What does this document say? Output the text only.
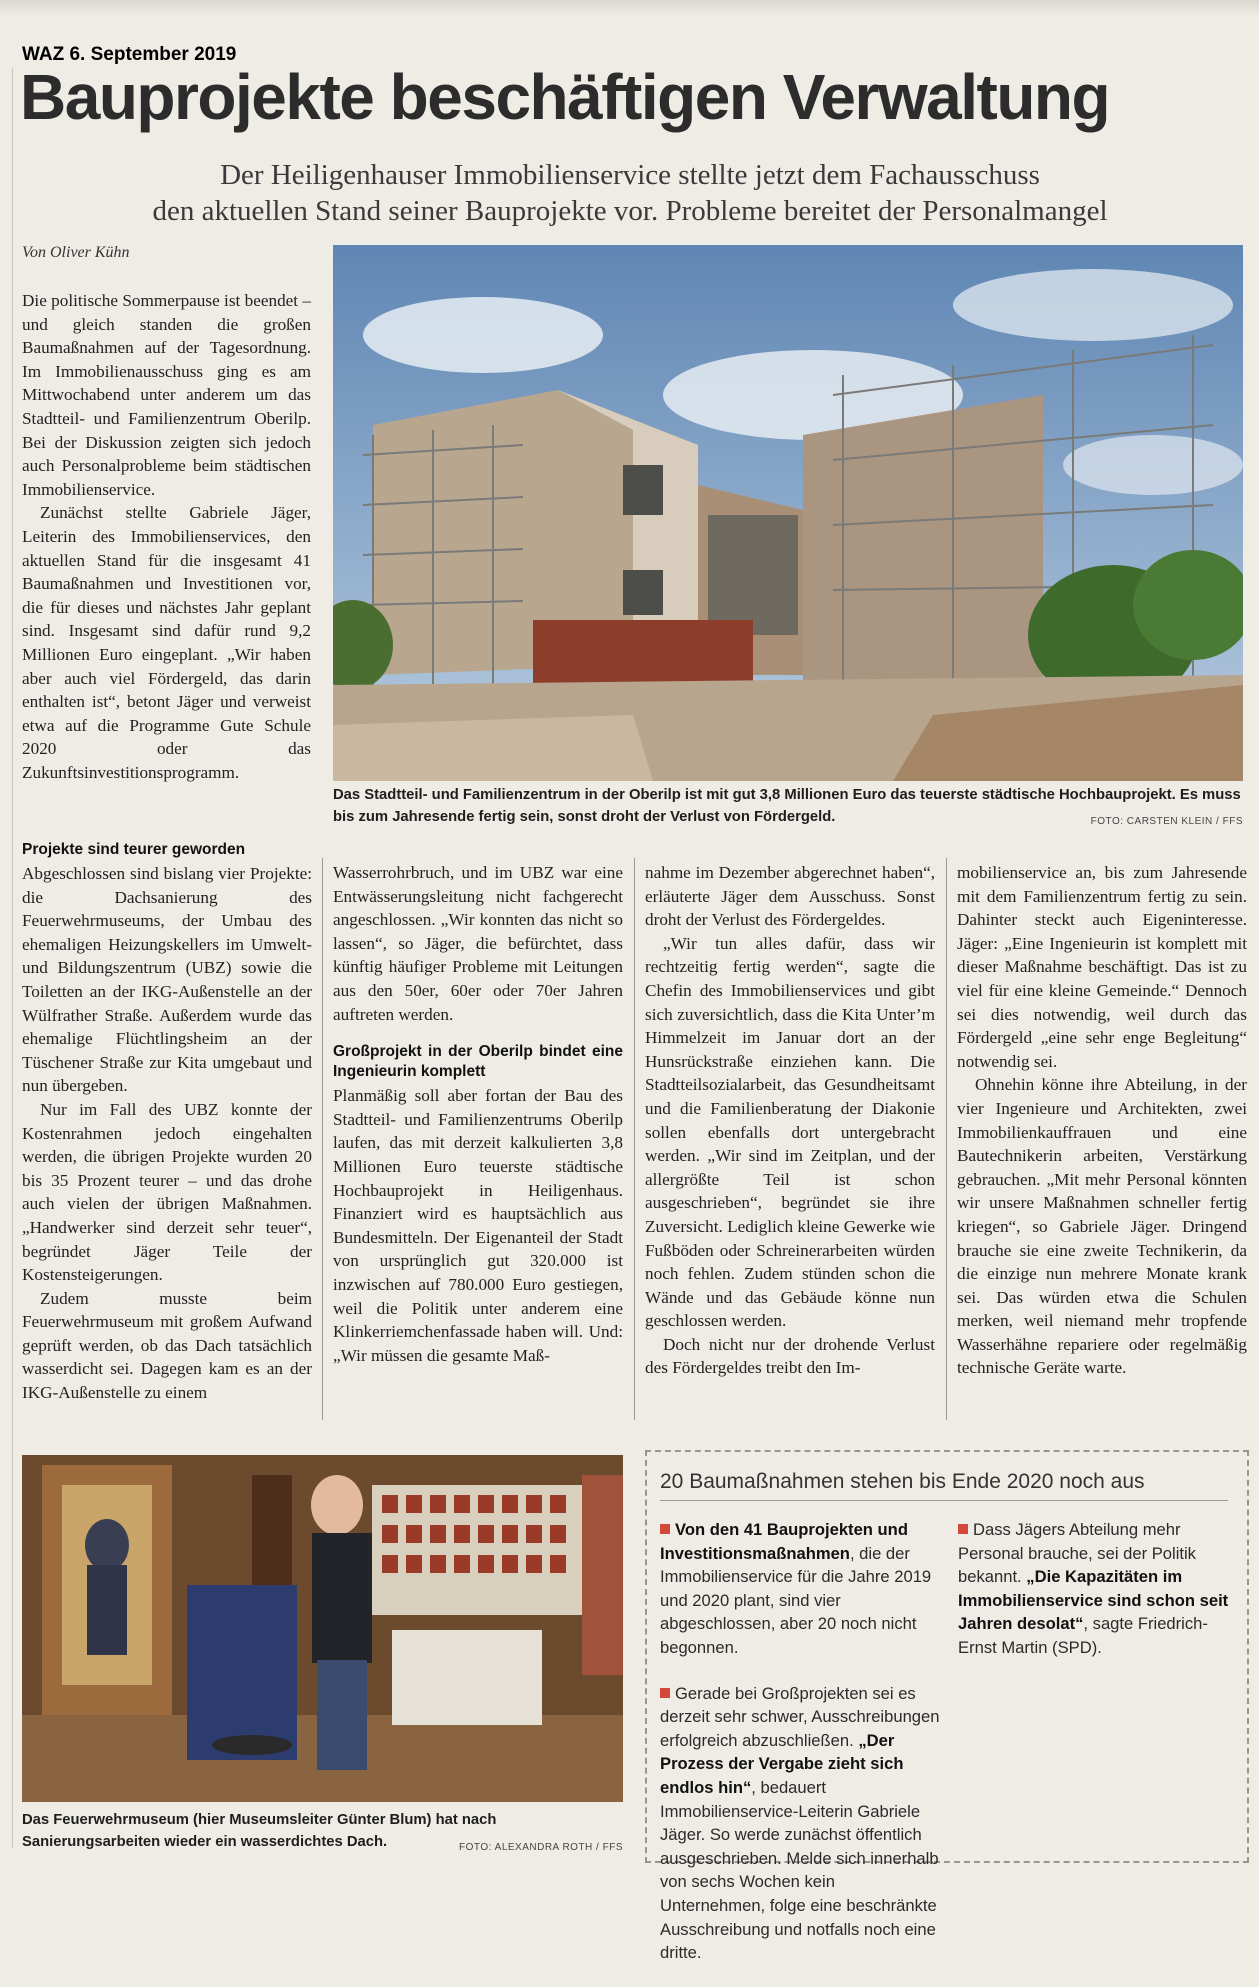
WAZ 6. September 2019
Bauprojekte beschäftigen Verwaltung
Der Heiligenhauser Immobilienservice stellte jetzt dem Fachausschuss
den aktuellen Stand seiner Bauprojekte vor. Probleme bereitet der Personalmangel
Von Oliver Kühn

Die politische Sommerpause ist beendet – und gleich standen die großen Baumaßnahmen auf der Tagesordnung. Im Immobilienausschuss ging es am Mittwochabend unter anderem um das Stadtteil- und Familienzentrum Oberilp. Bei der Diskussion zeigten sich jedoch auch Personalprobleme beim städtischen Immobilienservice.

Zunächst stellte Gabriele Jäger, Leiterin des Immobilienservices, den aktuellen Stand für die insgesamt 41 Baumaßnahmen und Investitionen vor, die für dieses und nächstes Jahr geplant sind. Insgesamt sind dafür rund 9,2 Millionen Euro eingeplant. „Wir haben aber auch viel Fördergeld, das darin enthalten ist“, betont Jäger und verweist etwa auf die Programme Gute Schule 2020 oder das Zukunftsinvestitionsprogramm.

Das Stadtteil- und Familienzentrum in der Oberilp ist mit gut 3,8 Millionen Euro das teuerste städtische Hochbauprojekt. Es muss bis zum Jahresende fertig sein, sonst droht der Verlust von Fördergeld.	FOTO: CARSTEN KLEIN / FFS
Projekte sind teurer geworden

Abgeschlossen sind bislang vier Projekte: die Dachsanierung des Feuerwehrmuseums, der Umbau des ehemaligen Heizungskellers im Umwelt- und Bildungszentrum (UBZ) sowie die Toiletten an der IKG-Außenstelle an der Wülfrather Straße. Außerdem wurde das ehemalige Flüchtlingsheim an der Tüschener Straße zur Kita umgebaut und nun übergeben.

Nur im Fall des UBZ konnte der Kostenrahmen jedoch eingehalten werden, die übrigen Projekte wurden 20 bis 35 Prozent teurer – und das drohe auch vielen der übrigen Maßnahmen. „Handwerker sind derzeit sehr teuer“, begründet Jäger Teile der Kostensteigerungen.

Zudem musste beim Feuerwehrmuseum mit großem Aufwand geprüft werden, ob das Dach tatsächlich wasserdicht sei. Dagegen kam es an der IKG-Außenstelle zu einem

Wasserrohrbruch, und im UBZ war eine Entwässerungsleitung nicht fachgerecht angeschlossen. „Wir konnten das nicht so lassen“, so Jäger, die befürchtet, dass künftig häufiger Probleme mit Leitungen aus den 50er, 60er oder 70er Jahren auftreten werden.

Großprojekt in der Oberilp bindet eine Ingenieurin komplett

Planmäßig soll aber fortan der Bau des Stadtteil- und Familienzentrums Oberilp laufen, das mit derzeit kalkulierten 3,8 Millionen Euro teuerste städtische Hochbauprojekt in Heiligenhaus. Finanziert wird es hauptsächlich aus Bundesmitteln. Der Eigenanteil der Stadt von ursprünglich gut 320.000 ist inzwischen auf 780.000 Euro gestiegen, weil die Politik unter anderem eine Klinkerriemchenfassade haben will. Und: „Wir müssen die gesamte Maß-

nahme im Dezember abgerechnet haben“, erläuterte Jäger dem Ausschuss. Sonst droht der Verlust des Fördergeldes.

„Wir tun alles dafür, dass wir rechtzeitig fertig werden“, sagte die Chefin des Immobilienservices und gibt sich zuversichtlich, dass die Kita Unter’m Himmelzeit im Januar dort an der Hunsrückstraße einziehen kann. Die Stadtteilsozialarbeit, das Gesundheitsamt und die Familienberatung der Diakonie sollen ebenfalls dort untergebracht werden. „Wir sind im Zeitplan, und der allergrößte Teil ist schon ausgeschrieben“, begründet sie ihre Zuversicht. Lediglich kleine Gewerke wie Fußböden oder Schreinerarbeiten würden noch fehlen. Zudem stünden schon die Wände und das Gebäude könne nun geschlossen werden.

Doch nicht nur der drohende Verlust des Fördergeldes treibt den Im-

mobilienservice an, bis zum Jahresende mit dem Familienzentrum fertig zu sein. Dahinter steckt auch Eigeninteresse. Jäger: „Eine Ingenieurin ist komplett mit dieser Maßnahme beschäftigt. Das ist zu viel für eine kleine Gemeinde.“ Dennoch sei dies notwendig, weil durch das Fördergeld „eine sehr enge Begleitung“ notwendig sei.

Ohnehin könne ihre Abteilung, in der vier Ingenieure und Architekten, zwei Immobilienkauffrauen und eine Bautechnikerin arbeiten, Verstärkung gebrauchen. „Mit mehr Personal könnten wir unsere Maßnahmen schneller fertig kriegen“, so Gabriele Jäger. Dringend brauche sie eine zweite Technikerin, da die einzige nun mehrere Monate krank sei. Das würden etwa die Schulen merken, weil niemand mehr tropfende Wasserhähne repariere oder regelmäßig technische Geräte warte.

Das Feuerwehrmuseum (hier Museumsleiter Günter Blum) hat nach Sanierungsarbeiten wieder ein wasserdichtes Dach.	FOTO: ALEXANDRA ROTH / FFS
20 Baumaßnahmen stehen bis Ende 2020 noch aus

Von den 41 Bauprojekten und Investitionsmaßnahmen, die der Immobilienservice für die Jahre 2019 und 2020 plant, sind vier abgeschlossen, aber 20 noch nicht begonnen.

Gerade bei Großprojekten sei es derzeit sehr schwer, Ausschreibungen erfolgreich abzuschließen. „Der Prozess der Vergabe zieht sich endlos hin“, bedauert Immobilienservice-Leiterin Gabriele Jäger. So werde zunächst öffentlich ausgeschrieben. Melde sich innerhalb von sechs Wochen kein Unternehmen, folge eine beschränkte Ausschreibung und notfalls noch eine dritte.

Dass Jägers Abteilung mehr Personal brauche, sei der Politik bekannt. „Die Kapazitäten im Immobilienservice sind schon seit Jahren desolat“, sagte Friedrich-Ernst Martin (SPD).
